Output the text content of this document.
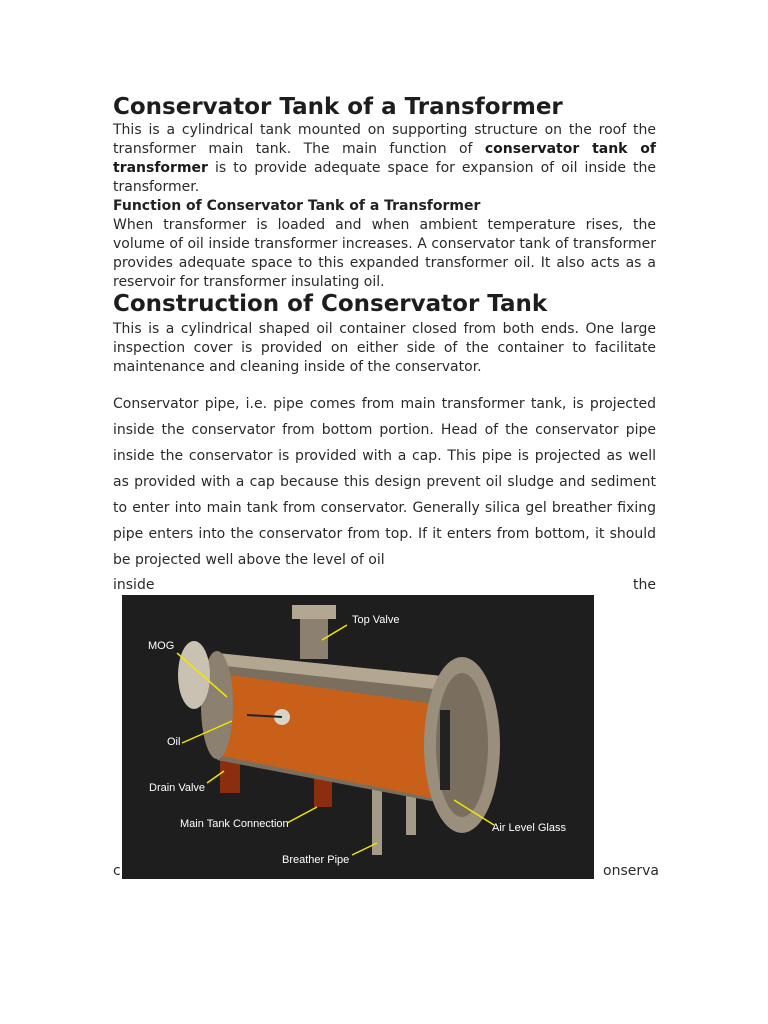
Conservator Tank of a Transformer

This is a cylindrical tank mounted on supporting structure on the roof the transformer main tank. The main function of conservator tank of transformer is to provide adequate space for expansion of oil inside the transformer.

Function of Conservator Tank of a Transformer

When transformer is loaded and when ambient temperature rises, the volume of oil inside transformer increases. A conservator tank of transformer provides adequate space to this expanded transformer oil. It also acts as a reservoir for transformer insulating oil.

Construction of Conservator Tank

This is a cylindrical shaped oil container closed from both ends. One large inspection cover is provided on either side of the container to facilitate maintenance and cleaning inside of the conservator.

Conservator pipe, i.e. pipe comes from main transformer tank, is projected inside the conservator from bottom portion. Head of the conservator pipe inside the conservator is provided with a cap. This pipe is projected as well as provided with a cap because this design prevent oil sludge and sediment to enter into main tank from conservator. Generally silica gel breather fixing pipe enters into the conservator from top. If it enters from bottom, it should be projected well above the level of oil

inside	the
c	onserva
Top Valve
MOG
Oil
Drain Valve
Main Tank Connection
Breather Pipe
Air Level Glass
